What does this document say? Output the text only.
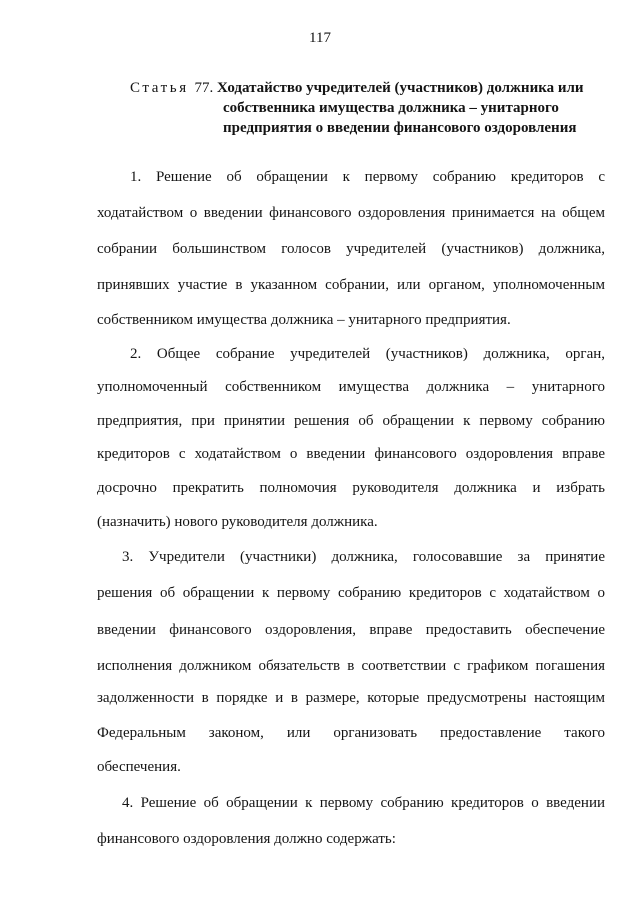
117
Статья 77. Ходатайство учредителей (участников) должника или
собственника имущества должника – унитарного
предприятия о введении финансового оздоровления
1. Решение об обращении к первому собранию кредиторов с
ходатайством о введении финансового оздоровления принимается на общем
собрании большинством голосов учредителей (участников) должника,
принявших участие в указанном собрании, или органом, уполномоченным
собственником имущества должника – унитарного предприятия.
2. Общее собрание учредителей (участников) должника, орган,
уполномоченный собственником имущества должника – унитарного
предприятия, при принятии решения об обращении к первому собранию
кредиторов с ходатайством о введении финансового оздоровления вправе
досрочно прекратить полномочия руководителя должника и избрать
(назначить) нового руководителя должника.
3. Учредители (участники) должника, голосовавшие за принятие
решения об обращении к первому собранию кредиторов с ходатайством о
введении финансового оздоровления, вправе предоставить обеспечение
исполнения должником обязательств в соответствии с графиком погашения
задолженности в порядке и в размере, которые предусмотрены настоящим
Федеральным законом, или организовать предоставление такого
обеспечения.
4. Решение об обращении к первому собранию кредиторов о введении
финансового оздоровления должно содержать:
